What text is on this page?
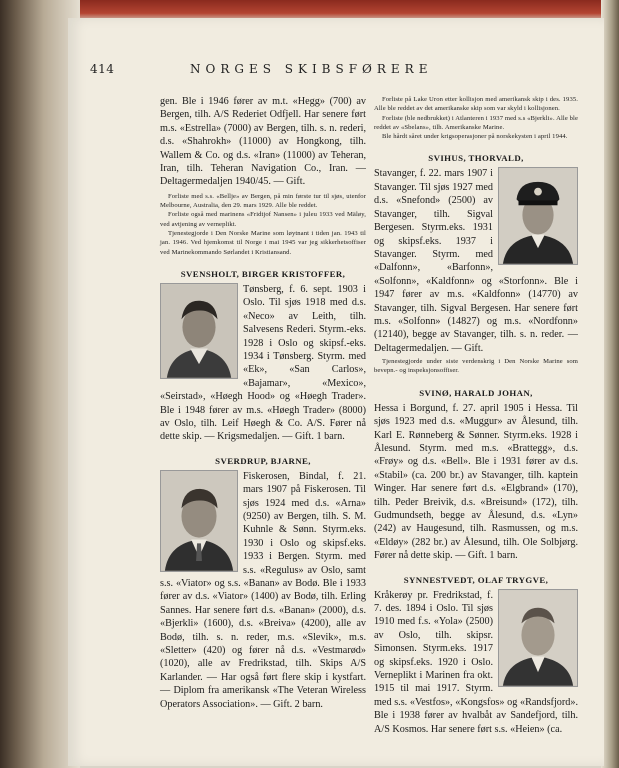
414	NORGES SKIBSFØRERE
gen. Ble i 1946 fører av m.t. «Hegg» (700) av Bergen, tilh. A/S Rederiet Odfjell. Har senere ført m.s. «Estrella» (7000) av Bergen, tilh. s. n. rederi, d.s. «Shahrokh» (11000) av Hongkong, tilh. Wallem & Co. og d.s. «Iran» (11000) av Teheran, Iran, tilh. Teheran Navigation Co., Iran. — Deltagermedaljen 1940/45. — Gift.

Forliste med s.s. «Bellje» av Bergen, på min første tur til sjøs, utenfor Melbourne, Australia, den 29. mars 1929. Alle ble reddet.

Forliste også med marinens «Fridtjof Nansen» i juleu 1933 ved Mäløy, ved avtjening av verneplikt.

Tjenestegjorde i Den Norske Marine som løytnant i tiden jan. 1943 til jan. 1946. Ved hjemkomst til Norge i mai 1945 var jeg sikkerhetsoffiser ved Marinekommando Sørlandet i Kristiansand.

SVENSHOLT, BIRGER KRISTOFFER,
Tønsberg, f. 6. sept. 1903 i Oslo. Til sjøs 1918 med d.s. «Neco» av Leith, tilh. Salvesens Rederi. Styrm.-eks. 1928 i Oslo og skipsf.-eks. 1934 i Tønsberg. Styrm. med «Ek», «San Carlos», «Bajamar», «Mexico», «Seirstad», «Høegh Hood» og «Høegh Trader». Ble i 1948 fører av m.s. «Høegh Trader» (8000) av Oslo, tilh. Leif Høegh & Co. A/S. Fører nå dette skip. — Krigsmedaljen. — Gift. 1 barn.
SVERDRUP, BJARNE,
Fiskerosen, Bindal, f. 21. mars 1907 på Fiskerosen. Til sjøs 1924 med d.s. «Arna» (9250) av Bergen, tilh. S. M. Kuhnle & Sønn. Styrm.eks. 1930 i Oslo og skipsf.eks. 1933 i Bergen. Styrm. med s.s. «Regulus» av Oslo, samt s.s. «Viator» og s.s. «Banan» av Bodø. Ble i 1933 fører av d.s. «Viator» (1400) av Bodø, tilh. Erling Sannes. Har senere ført d.s. «Banan» (2000), d.s. «Bjerkli» (1600), d.s. «Breiva» (4200), alle av Bodø, tilh. s. n. reder, m.s. «Slevik», m.s. «Sletter» (420) og fører nå d.s. «Vestmarød» (1020), alle av Fredrikstad, tilh. Skips A/S Karlander. — Har også ført flere skip i kystfart. — Diplom fra amerikansk «The Veteran Wireless Operators Association». — Gift. 2 barn.

Forliste på Lake Uron etter kollisjon med amerikansk skip i des. 1935. Alle ble reddet av det amerikanske skip som var skyld i kollisjonen.

Forliste (ble nedbrukket) i Atlanteren i 1937 med s.s «Bjerkli». Alle ble reddet av «Sbelans», tilh. Amerikanske Marine.

Ble hårdt såret under krigsoperasjoner på norskekysten i april 1944.

SVIHUS, THORVALD,
Stavanger, f. 22. mars 1907 i Stavanger. Til sjøs 1927 med d.s. «Snefond» (2500) av Stavanger, tilh. Sigval Bergesen. Styrm.eks. 1931 og skipsf.eks. 1937 i Stavanger. Styrm. med «Dalfonn», «Barfonn», «Solfonn», «Kaldfonn» og «Storfonn». Ble i 1947 fører av m.s. «Kaldfonn» (14770) av Stavanger, tilh. Sigval Bergesen. Har senere ført m.s. «Solfonn» (14827) og m.s. «Nordfonn» (12140), begge av Stavanger, tilh. s. n. reder. — Deltagermedaljen. — Gift.

Tjenestegjorde under siste verdenskrig i Den Norske Marine som bevepn.- og inspeksjonsoffiser.

SVINØ, HARALD JOHAN,
Hessa i Borgund, f. 27. april 1905 i Hessa. Til sjøs 1923 med d.s. «Muggur» av Ålesund, tilh. Karl E. Rønneberg & Sønner. Styrm.eks. 1928 i Ålesund. Styrm. med m.s. «Brattegg», d.s. «Frøy» og d.s. «Bell». Ble i 1931 fører av d.s. «Stabil» (ca. 200 br.) av Stavanger, tilh. kaptein Winger. Har senere ført d.s. «Elgbrand» (170), tilh. Peder Breivik, d.s. «Breisund» (172), tilh. Gudmundseth, begge av Ålesund, d.s. «Lyn» (242) av Haugesund, tilh. Rasmussen, og m.s. «Eldøy» (282 br.) av Ålesund, tilh. Ole Solbjørg. Fører nå dette skip. — Gift. 1 barn.
SYNNESTVEDT, OLAF TRYGVE,
Kråkerøy pr. Fredrikstad, f. 7. des. 1894 i Oslo. Til sjøs 1910 med f.s. «Yola» (2500) av Oslo, tilh. skipsr. Simonsen. Styrm.eks. 1917 og skipsf.eks. 1920 i Oslo. Verneplikt i Marinen fra okt. 1915 til mai 1917. Styrm. med s.s. «Vestfos», «Kongsfos» og «Randsfjord». Ble i 1938 fører av hvalbåt av Sandefjord, tilh. A/S Kosmos. Har senere ført s.s. «Heien» (ca.
